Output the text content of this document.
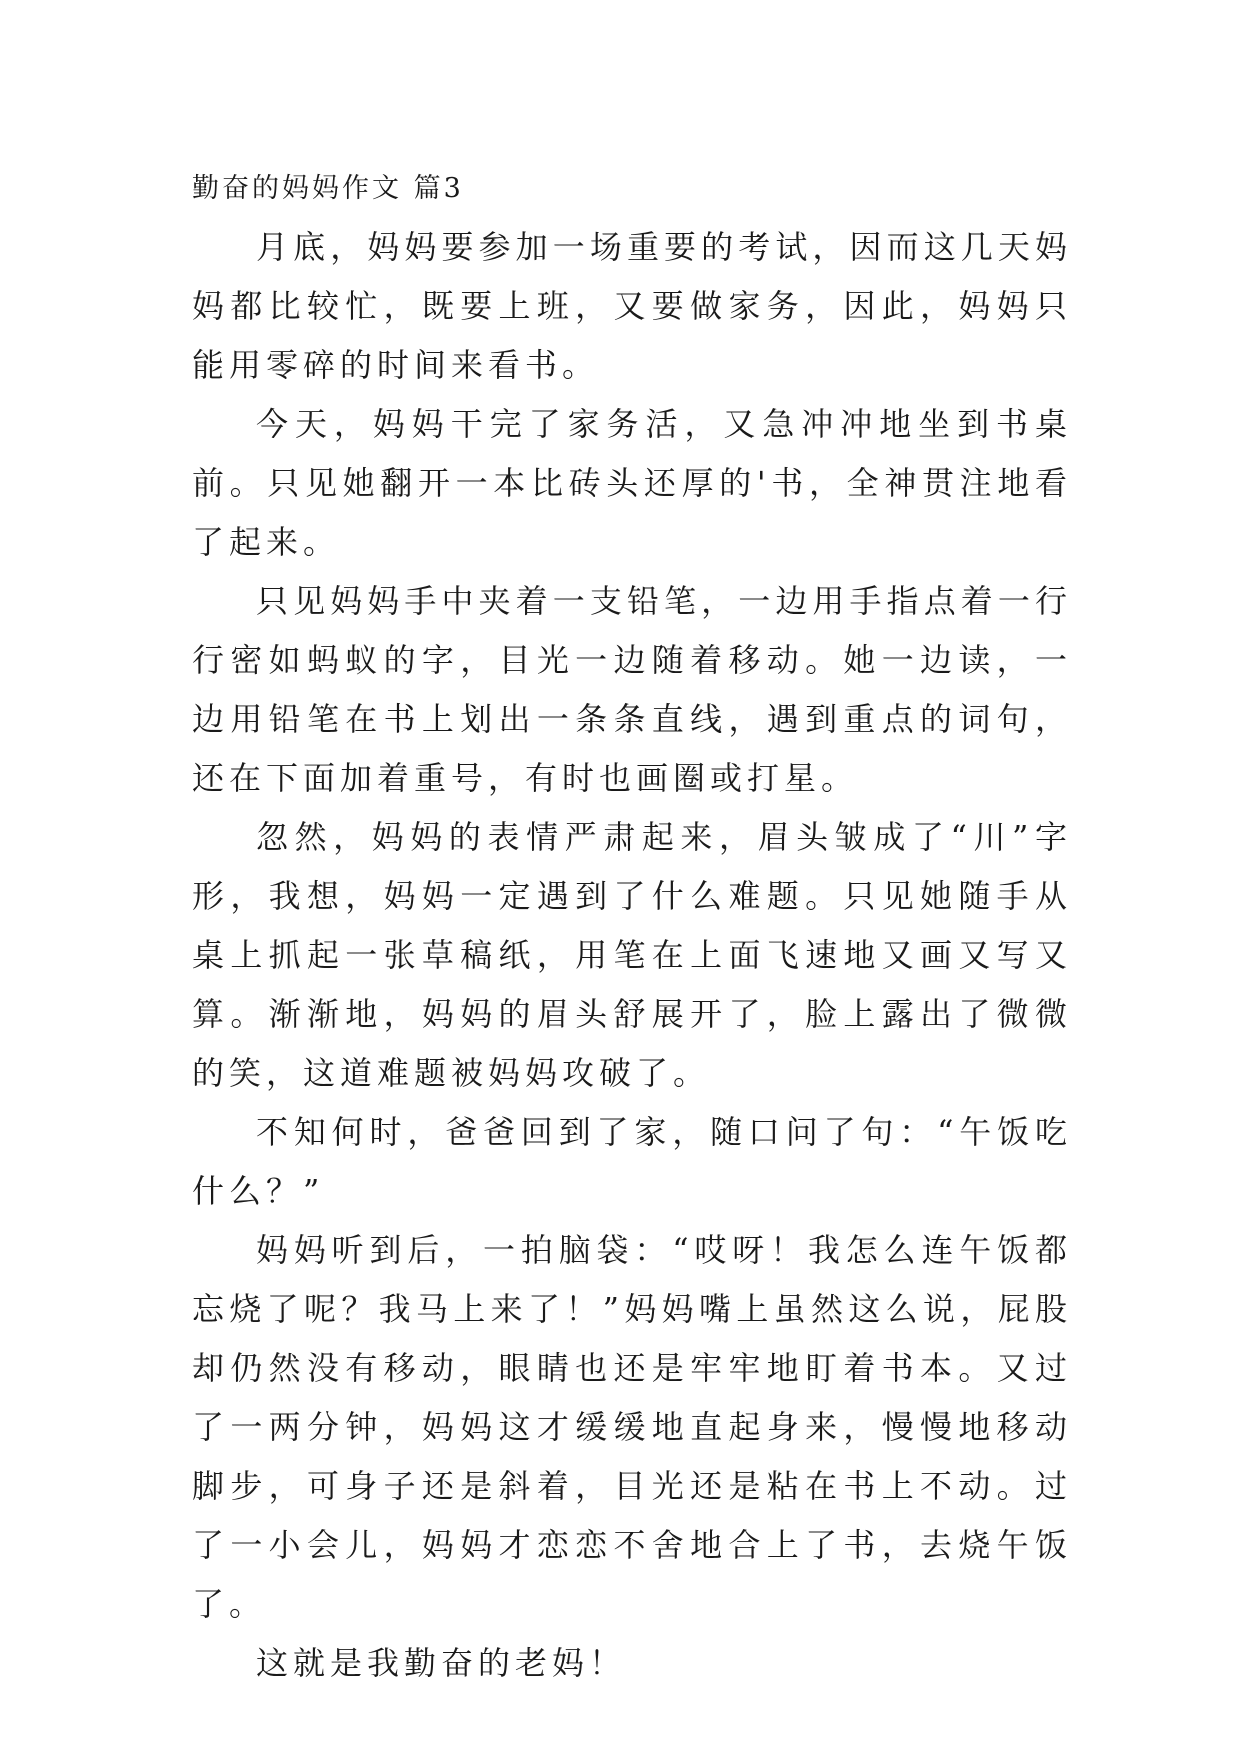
勤奋的妈妈作文 篇3

月底，妈妈要参加一场重要的考试，因而这几天妈妈都比较忙，既要上班，又要做家务，因此，妈妈只能用零碎的时间来看书。

今天，妈妈干完了家务活，又急冲冲地坐到书桌前。只见她翻开一本比砖头还厚的'书，全神贯注地看了起来。

只见妈妈手中夹着一支铅笔，一边用手指点着一行行密如蚂蚁的字，目光一边随着移动。她一边读，一边用铅笔在书上划出一条条直线，遇到重点的词句，还在下面加着重号，有时也画圈或打星。

忽然，妈妈的表情严肃起来，眉头皱成了“川”字形，我想，妈妈一定遇到了什么难题。只见她随手从桌上抓起一张草稿纸，用笔在上面飞速地又画又写又算。渐渐地，妈妈的眉头舒展开了，脸上露出了微微的笑，这道难题被妈妈攻破了。

不知何时，爸爸回到了家，随口问了句：“午饭吃什么？”

妈妈听到后，一拍脑袋：“哎呀！我怎么连午饭都忘烧了呢？我马上来了！”妈妈嘴上虽然这么说，屁股却仍然没有移动，眼睛也还是牢牢地盯着书本。又过了一两分钟，妈妈这才缓缓地直起身来，慢慢地移动脚步，可身子还是斜着，目光还是粘在书上不动。过了一小会儿，妈妈才恋恋不舍地合上了书，去烧午饭了。

这就是我勤奋的老妈！
